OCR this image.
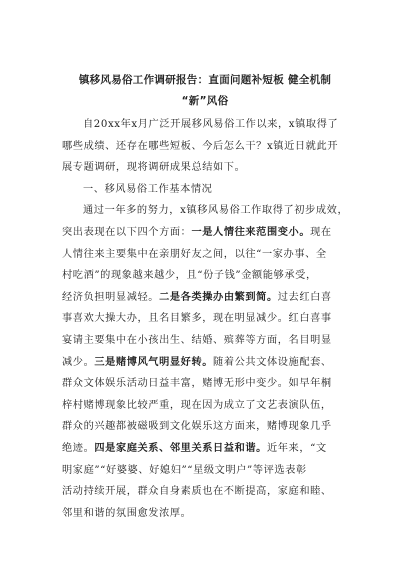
镇移风易俗工作调研报告：直面问题补短板 健全机制
“新”风俗
自20xx年x月广泛开展移风易俗工作以来，x镇取得了
哪些成绩、还存在哪些短板、今后怎么干？x镇近日就此开
展专题调研，现将调研成果总结如下。
一、移风易俗工作基本情况
通过一年多的努力，x镇移风易俗工作取得了初步成效，
突出表现在以下四个方面：一是人情往来范围变小。现在
人情往来主要集中在亲朋好友之间，以往“一家办事、全
村吃酒”的现象越来越少，且“份子钱”金额能够承受，
经济负担明显减轻。二是各类操办由繁到简。过去红白喜
事喜欢大操大办，且名目繁多，现在明显减少。红白喜事
宴请主要集中在小孩出生、结婚、殡葬等方面，名目明显
减少。三是赌博风气明显好转。随着公共文体设施配套、
群众文体娱乐活动日益丰富，赌博无形中变少。如早年桐
梓村赌博现象比较严重，现在因为成立了文艺表演队伍，
群众的兴趣都被磁吸到文化娱乐这方面来，赌博现象几乎
绝迹。四是家庭关系、邻里关系日益和谐。近年来，“文
明家庭”“好婆婆、好媳妇”“星级文明户”等评选表彰
活动持续开展，群众自身素质也在不断提高，家庭和睦、
邻里和谐的氛围愈发浓厚。
